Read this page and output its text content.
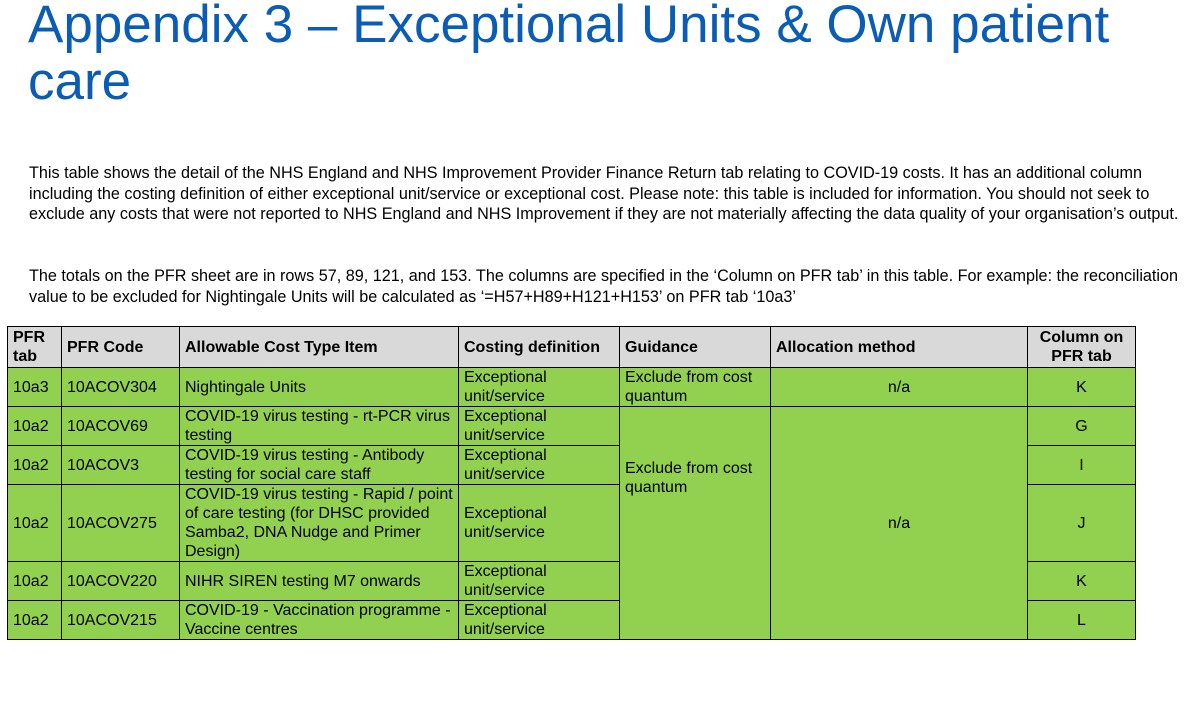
Appendix 3 – Exceptional Units & Own patient care

This table shows the detail of the NHS England and NHS Improvement Provider Finance Return tab relating to COVID-19 costs. It has an additional column including the costing definition of either exceptional unit/service or exceptional cost. Please note: this table is included for information. You should not seek to exclude any costs that were not reported to NHS England and NHS Improvement if they are not materially affecting the data quality of your organisation’s output.

The totals on the PFR sheet are in rows 57, 89, 121, and 153. The columns are specified in the ‘Column on PFR tab’ in this table. For example: the reconciliation value to be excluded for Nightingale Units will be calculated as ‘=H57+H89+H121+H153’ on PFR tab ‘10a3’

PFR tab	PFR Code	Allowable Cost Type Item	Costing definition	Guidance	Allocation method	Column on PFR tab
10a3	10ACOV304	Nightingale Units	Exceptional unit/service	Exclude from cost quantum	n/a	K
10a2	10ACOV69	COVID-19 virus testing - rt-PCR virus testing	Exceptional unit/service	Exclude from cost quantum	n/a	G
10a2	10ACOV3	COVID-19 virus testing - Antibody testing for social care staff	Exceptional unit/service			I
10a2	10ACOV275	COVID-19 virus testing - Rapid / point of care testing (for DHSC provided Samba2, DNA Nudge and Primer Design)	Exceptional unit/service			J
10a2	10ACOV220	NIHR SIREN testing M7 onwards	Exceptional unit/service			K
10a2	10ACOV215	COVID-19 - Vaccination programme - Vaccine centres	Exceptional unit/service			L
